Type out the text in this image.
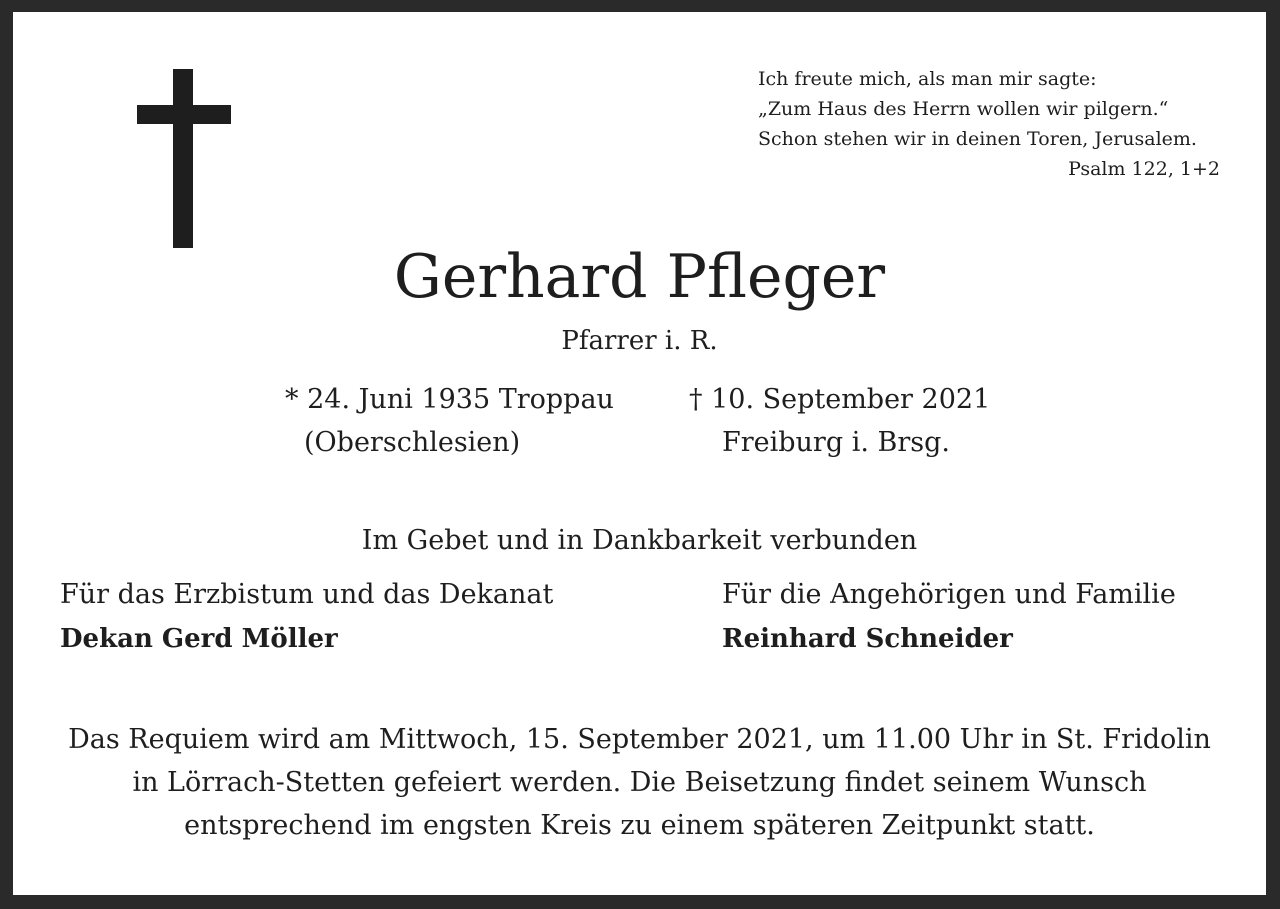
Ich freute mich, als man mir sagte:
„Zum Haus des Herrn wollen wir pilgern.“
Schon stehen wir in deinen Toren, Jerusalem.
Psalm 122, 1+2
Gerhard Pfleger
Pfarrer i. R.
* 24. Juni 1935 Troppau
(Oberschlesien)
† 10. September 2021
Freiburg i. Brsg.
Im Gebet und in Dankbarkeit verbunden
Für das Erzbistum und das Dekanat
Dekan Gerd Möller
Für die Angehörigen und Familie
Reinhard Schneider
Das Requiem wird am Mittwoch, 15. September 2021, um 11.00 Uhr in St. Fridolin
in Lörrach-Stetten gefeiert werden. Die Beisetzung findet seinem Wunsch
entsprechend im engsten Kreis zu einem späteren Zeitpunkt statt.
